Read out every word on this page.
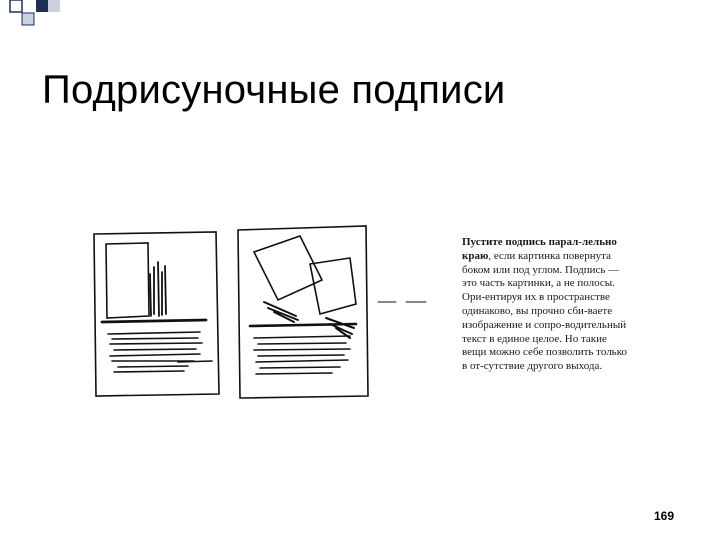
Подрисуночные подписи
Пустите подпись парал-лельно краю, если картинка повернута боком или под углом. Подпись — это часть картинки, а не полосы. Ори-ентируя их в пространстве одинаково, вы прочно сби-ваете изображение и сопро-водительный текст в единое целое. Но такие вещи можно себе позволить только в от-сутствие другого выхода.
169
